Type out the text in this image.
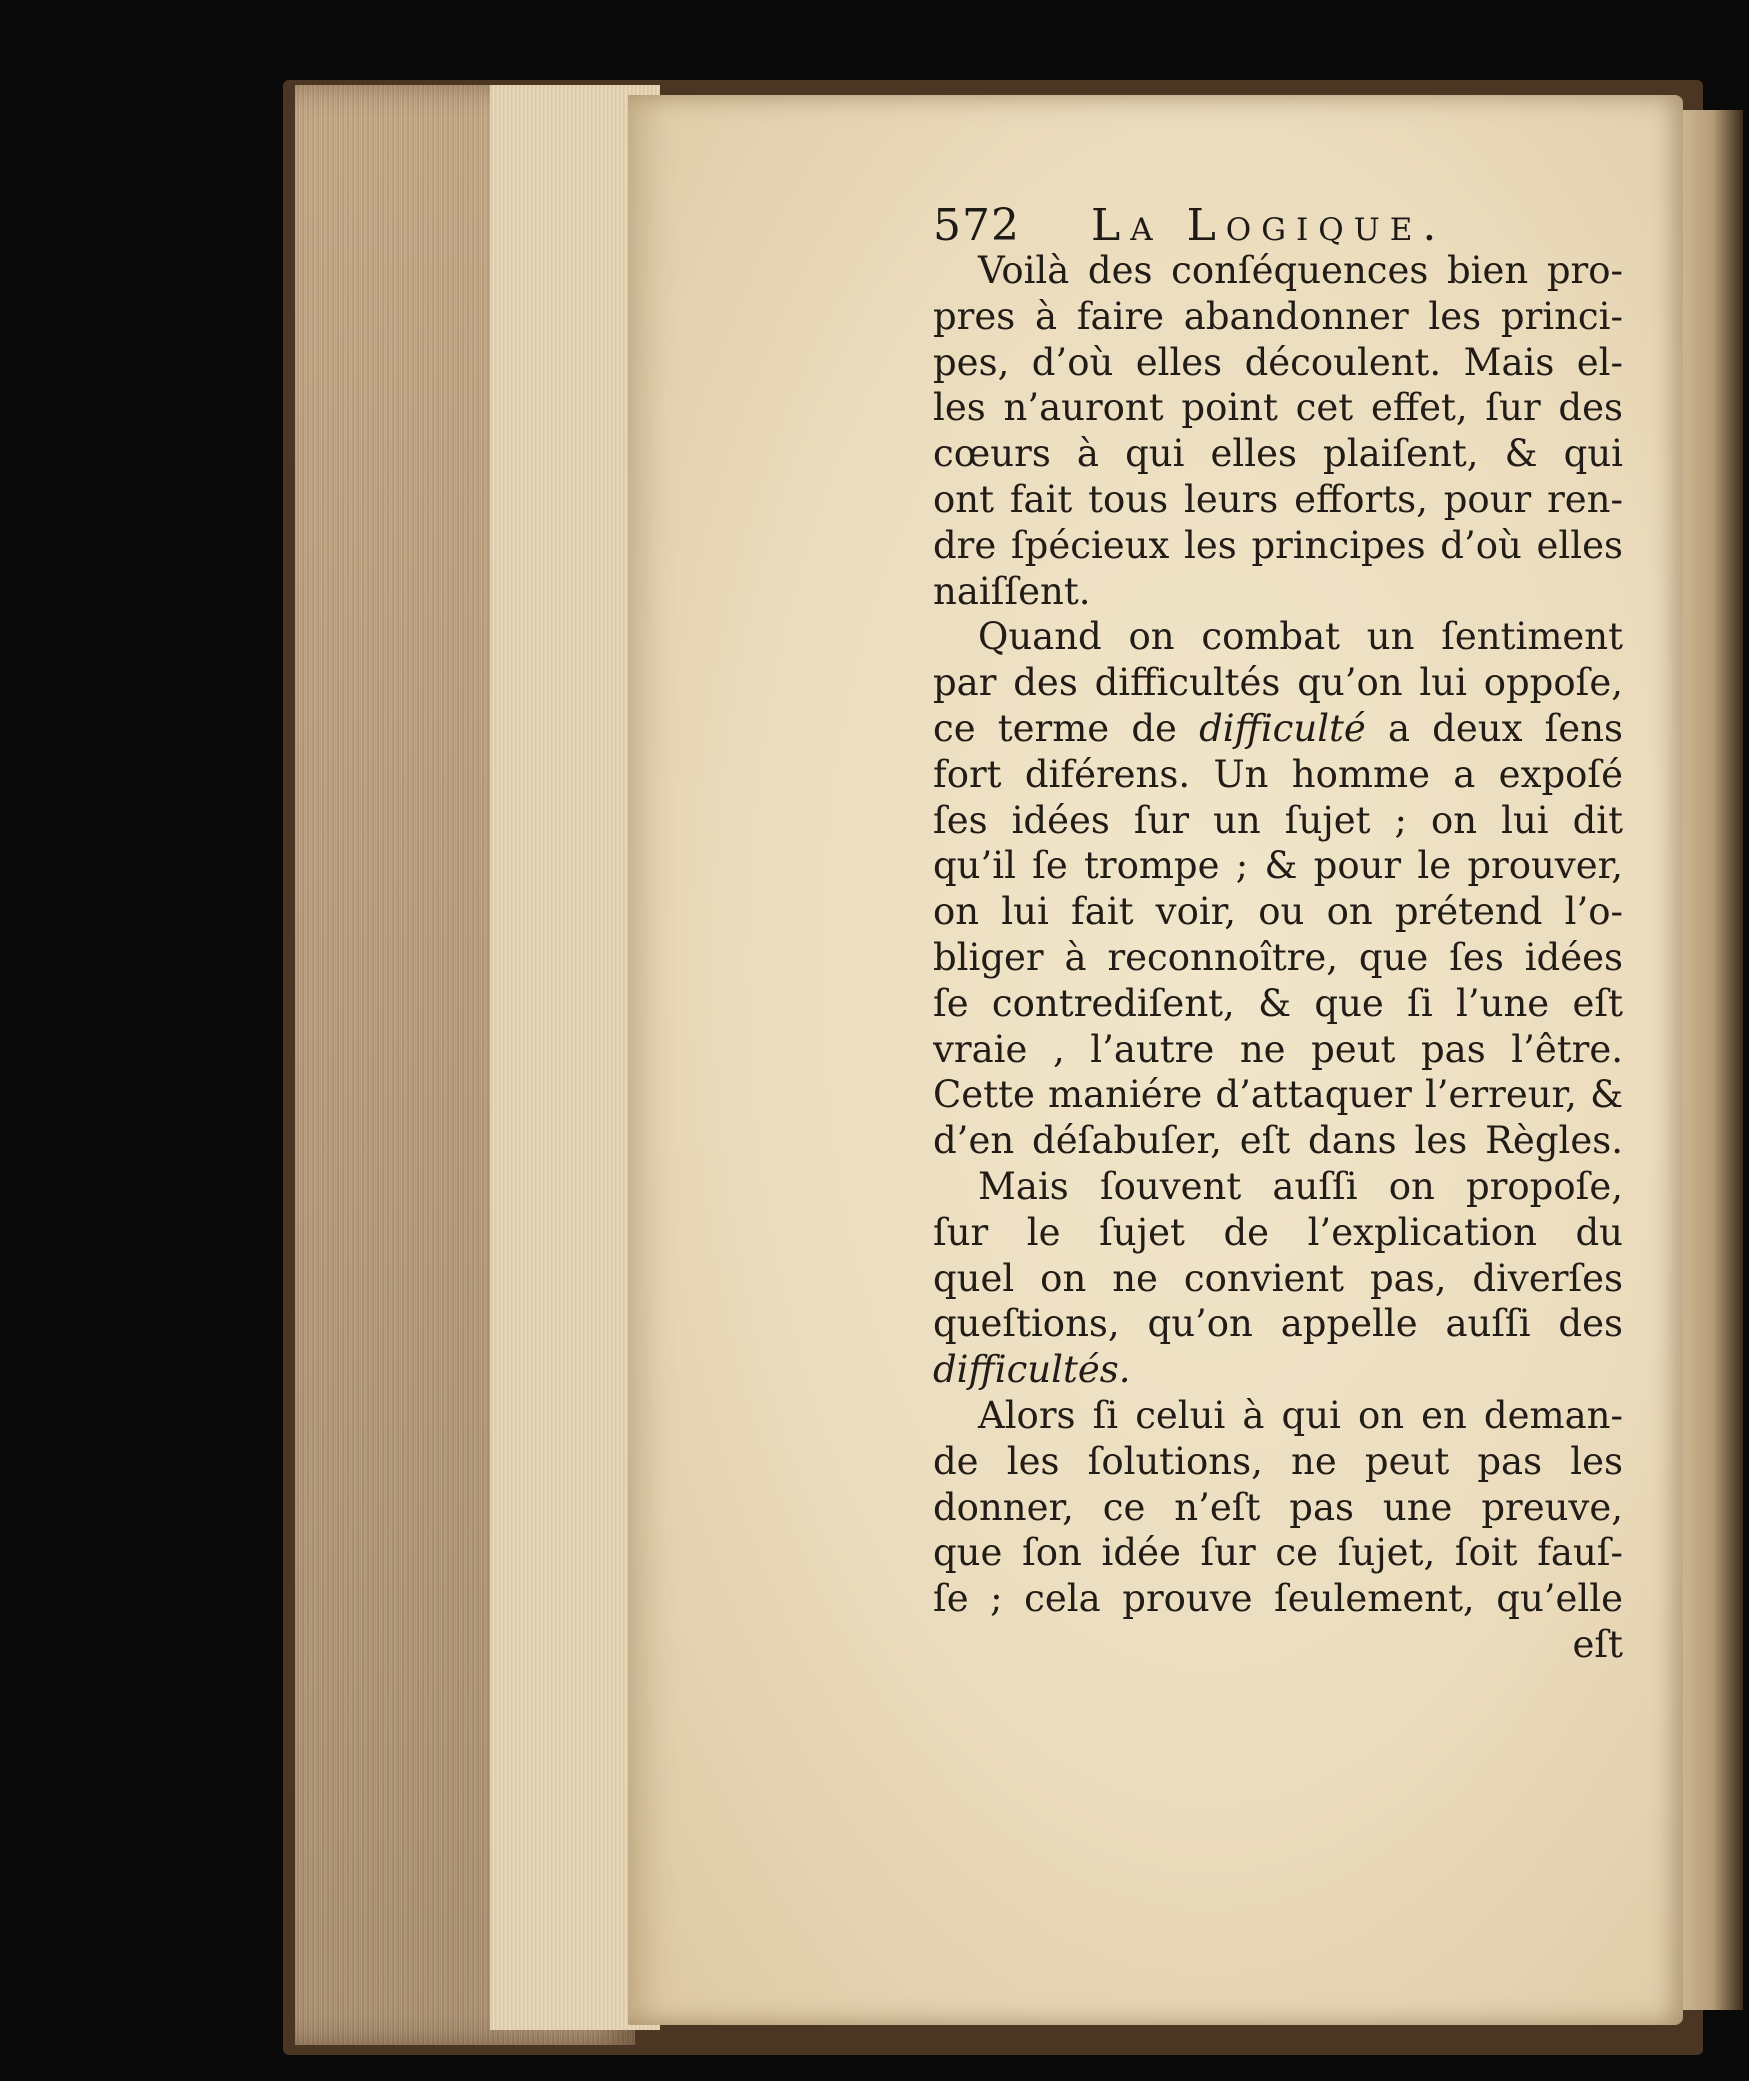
572 La Logique.
Voilà des conſéquences bien pro-
pres à faire abandonner les princi-
pes, d’où elles découlent. Mais el-
les n’auront point cet effet, ſur des
cœurs à qui elles plaiſent, & qui
ont fait tous leurs efforts, pour ren-
dre ſpécieux les principes d’où elles
naiſſent.
Quand on combat un ſentiment
par des difficultés qu’on lui oppoſe,
ce terme de difficulté a deux ſens
fort diférens. Un homme a expoſé
ſes idées ſur un ſujet ; on lui dit
qu’il ſe trompe ; & pour le prouver,
on lui fait voir, ou on prétend l’o-
bliger à reconnoître, que ſes idées
ſe contrediſent, & que ſi l’une eſt
vraie , l’autre ne peut pas l’être.
Cette maniére d’attaquer l’erreur, &
d’en déſabuſer, eſt dans les Règles.
Mais ſouvent auſſi on propoſe,
ſur le ſujet de l’explication du
quel on ne convient pas, diverſes
queſtions, qu’on appelle auſſi des
difficultés.
Alors ſi celui à qui on en deman-
de les ſolutions, ne peut pas les
donner, ce n’eſt pas une preuve,
que ſon idée ſur ce ſujet, ſoit fauſ-
ſe ; cela prouve ſeulement, qu’elle
eſt
